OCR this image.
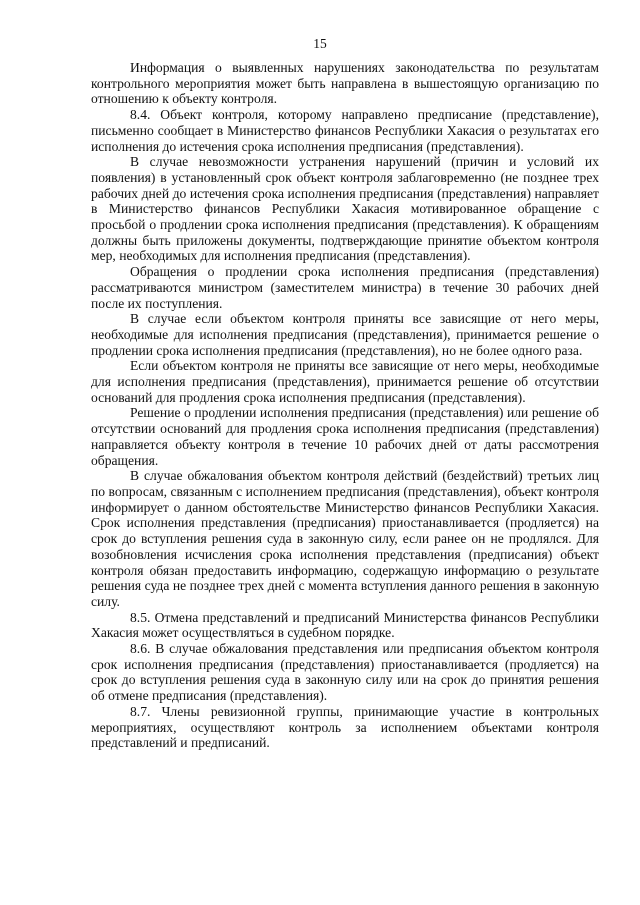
15

Информация о выявленных нарушениях законодательства по результатам контрольного мероприятия может быть направлена в вышестоящую организацию по отношению к объекту контроля.

8.4. Объект контроля, которому направлено предписание (представление), письменно сообщает в Министерство финансов Республики Хакасия о результатах его исполнения до истечения срока исполнения предписания (представления).

В случае невозможности устранения нарушений (причин и условий их появления) в установленный срок объект контроля заблаговременно (не позднее трех рабочих дней до истечения срока исполнения предписания (представления) направляет в Министерство финансов Республики Хакасия мотивированное обращение с просьбой о продлении срока исполнения предписания (представления). К обращениям должны быть приложены документы, подтверждающие принятие объектом контроля мер, необходимых для исполнения предписания (представления).

Обращения о продлении срока исполнения предписания (представления) рассматриваются министром (заместителем министра) в течение 30 рабочих дней после их поступления.

В случае если объектом контроля приняты все зависящие от него меры, необходимые для исполнения предписания (представления), принимается решение о продлении срока исполнения предписания (представления), но не более одного раза.

Если объектом контроля не приняты все зависящие от него меры, необходимые для исполнения предписания (представления), принимается решение об отсутствии оснований для продления срока исполнения предписания (представления).

Решение о продлении исполнения предписания (представления) или решение об отсутствии оснований для продления срока исполнения предписания (представления) направляется объекту контроля в течение 10 рабочих дней от даты рассмотрения обращения.

В случае обжалования объектом контроля действий (бездействий) третьих лиц по вопросам, связанным с исполнением предписания (представления), объект контроля информирует о данном обстоятельстве Министерство финансов Республики Хакасия. Срок исполнения представления (предписания) приостанавливается (продляется) на срок до вступления решения суда в законную силу, если ранее он не продлялся. Для возобновления исчисления срока исполнения представления (предписания) объект контроля обязан предоставить информацию, содержащую информацию о результате решения суда не позднее трех дней с момента вступления данного решения в законную силу.

8.5. Отмена представлений и предписаний Министерства финансов Республики Хакасия может осуществляться в судебном порядке.

8.6. В случае обжалования представления или предписания объектом контроля срок исполнения предписания (представления) приостанавливается (продляется) на срок до вступления решения суда в законную силу или на срок до принятия решения об отмене предписания (представления).

8.7. Члены ревизионной группы, принимающие участие в контрольных мероприятиях, осуществляют контроль за исполнением объектами контроля представлений и предписаний.
